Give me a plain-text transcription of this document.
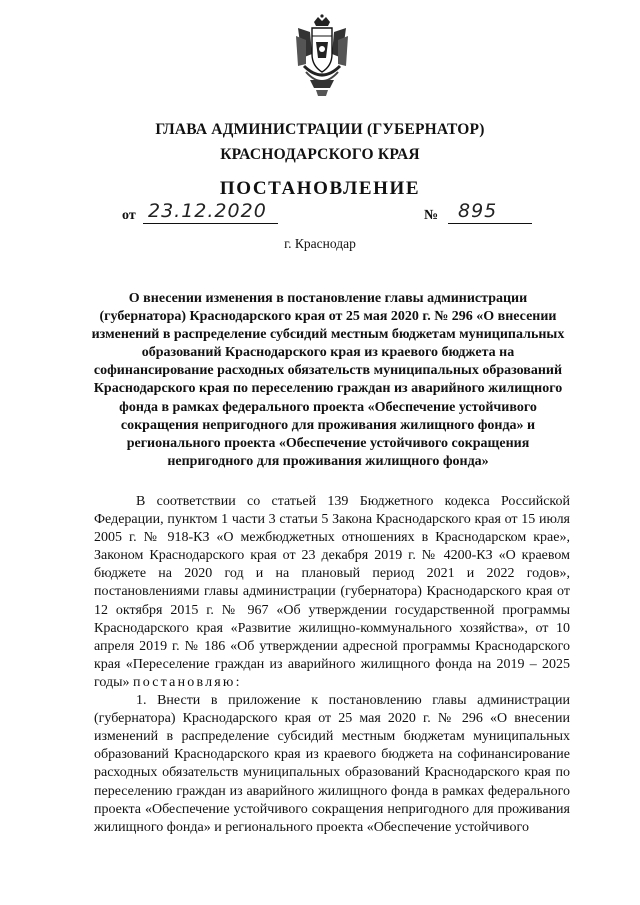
ГЛАВА АДМИНИСТРАЦИИ (ГУБЕРНАТОР)
КРАСНОДАРСКОГО КРАЯ
ПОСТАНОВЛЕНИЕ
от 23.12.2020	№ 895
г. Краснодар
О внесении изменения в постановление главы администрации (губернатора) Краснодарского края от 25 мая 2020 г. № 296 «О внесении изменений в распределение субсидий местным бюджетам муниципальных образований Краснодарского края из краевого бюджета на софинансирование расходных обязательств муниципальных образований Краснодарского края по переселению граждан из аварийного жилищного фонда в рамках федерального проекта «Обеспечение устойчивого сокращения непригодного для проживания жилищного фонда» и регионального проекта «Обеспечение устойчивого сокращения непригодного для проживания жилищного фонда»

В соответствии со статьей 139 Бюджетного кодекса Российской Федерации, пунктом 1 части 3 статьи 5 Закона Краснодарского края от 15 июля 2005 г. № 918-КЗ «О межбюджетных отношениях в Краснодарском крае», Законом Краснодарского края от 23 декабря 2019 г. № 4200-КЗ «О краевом бюджете на 2020 год и на плановый период 2021 и 2022 годов», постановлениями главы администрации (губернатора) Краснодарского края от 12 октября 2015 г. № 967 «Об утверждении государственной программы Краснодарского края «Развитие жилищно-коммунального хозяйства», от 10 апреля 2019 г. № 186 «Об утверждении адресной программы Краснодарского края «Переселение граждан из аварийного жилищного фонда на 2019 – 2025 годы» постановляю:

1. Внести в приложение к постановлению главы администрации (губернатора) Краснодарского края от 25 мая 2020 г. № 296 «О внесении изменений в распределение субсидий местным бюджетам муниципальных образований Краснодарского края из краевого бюджета на софинансирование расходных обязательств муниципальных образований Краснодарского края по переселению граждан из аварийного жилищного фонда в рамках федерального проекта «Обеспечение устойчивого сокращения непригодного для проживания жилищного фонда» и регионального проекта «Обеспечение устойчивого
